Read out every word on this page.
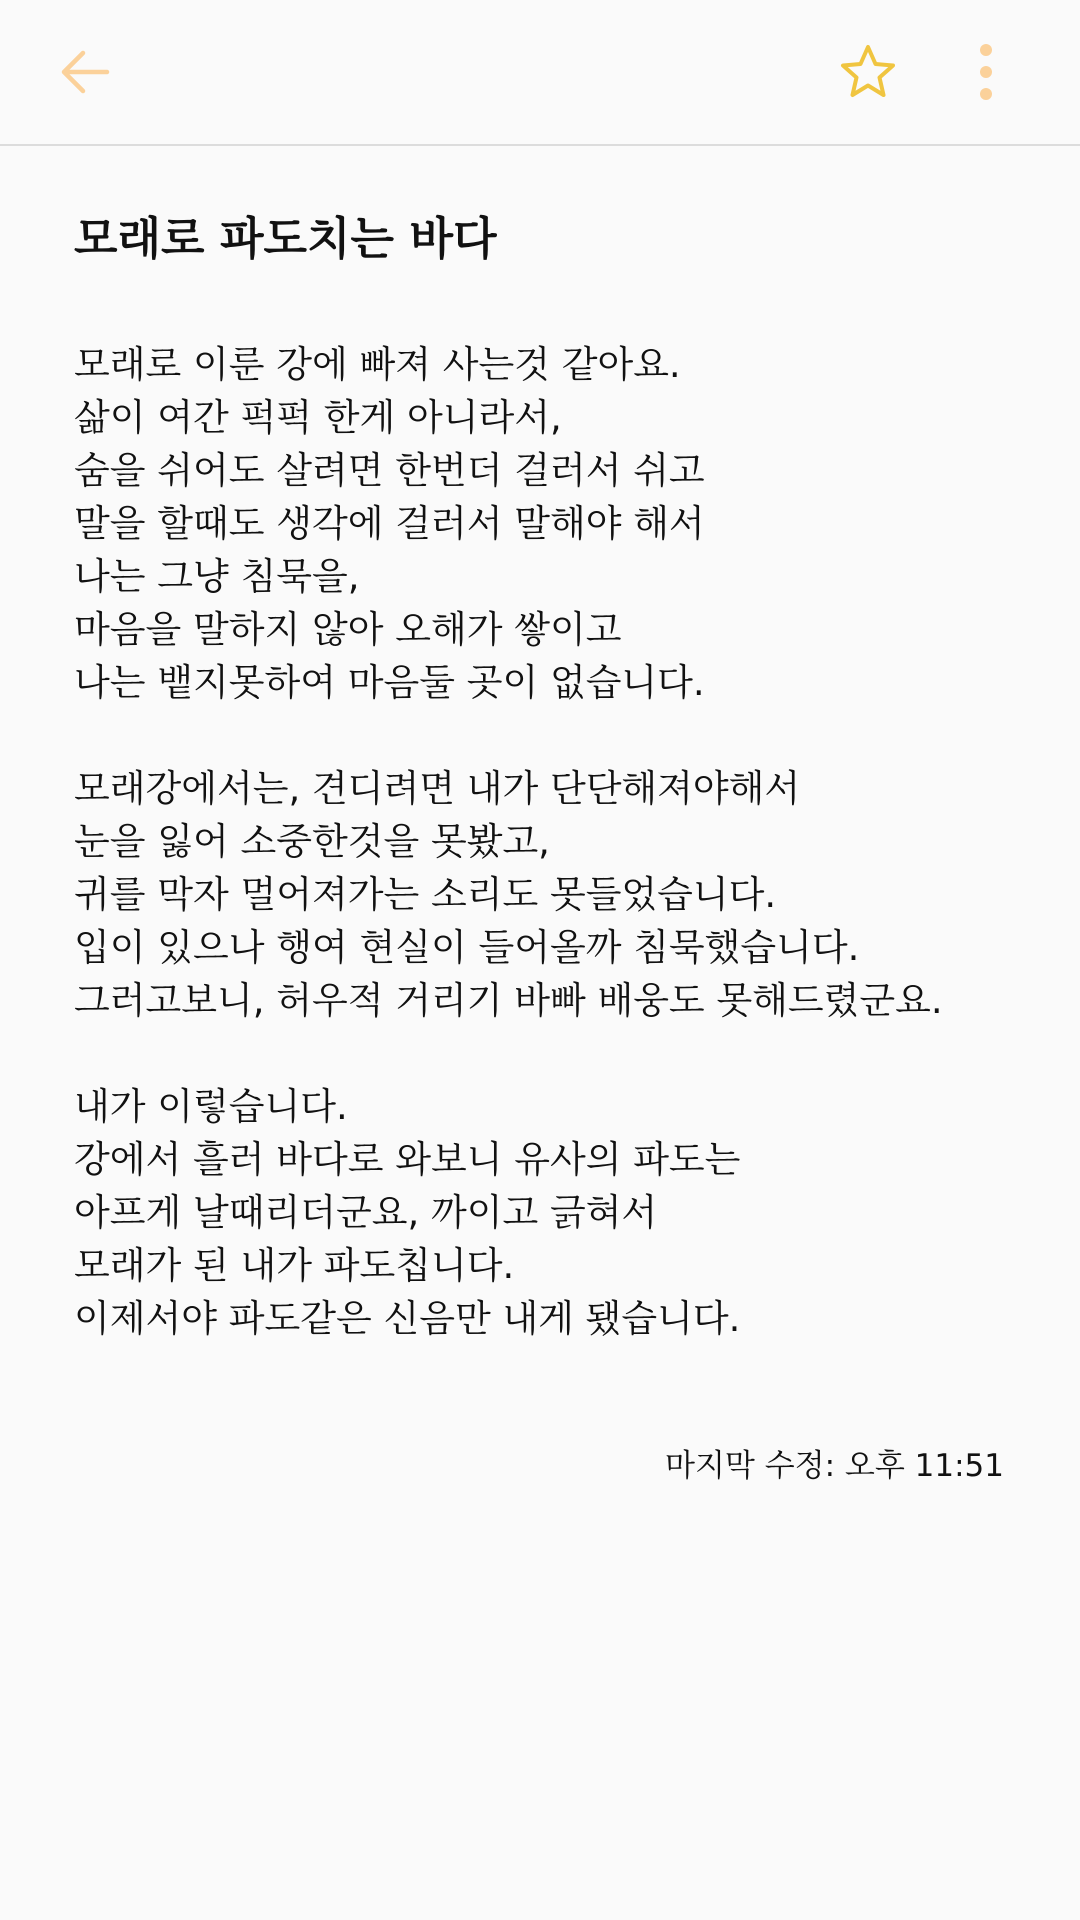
모래로 파도치는 바다
모래로 이룬 강에 빠져 사는것 같아요.
삶이 여간 퍽퍽 한게 아니라서,
숨을 쉬어도 살려면 한번더 걸러서 쉬고
말을 할때도 생각에 걸러서 말해야 해서
나는 그냥 침묵을,
마음을 말하지 않아 오해가 쌓이고
나는 뱉지못하여 마음둘 곳이 없습니다.
모래강에서는, 견디려면 내가 단단해져야해서
눈을 잃어 소중한것을 못봤고,
귀를 막자 멀어져가는 소리도 못들었습니다.
입이 있으나 행여 현실이 들어올까 침묵했습니다.
그러고보니, 허우적 거리기 바빠 배웅도 못해드렸군요.
내가 이렇습니다.
강에서 흘러 바다로 와보니 유사의 파도는
아프게 날때리더군요, 까이고 긁혀서
모래가 된 내가 파도칩니다.
이제서야 파도같은 신음만 내게 됐습니다.
마지막 수정: 오후 11:51
